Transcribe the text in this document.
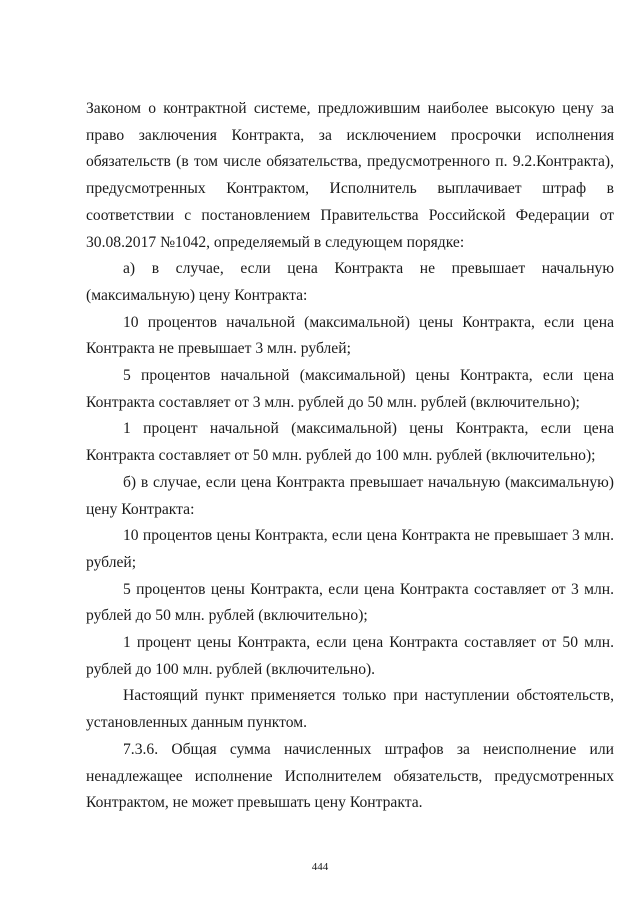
Законом о контрактной системе, предложившим наиболее высокую цену за право заключения Контракта, за исключением просрочки исполнения обязательств (в том числе обязательства, предусмотренного п. 9.2.Контракта), предусмотренных Контрактом, Исполнитель выплачивает штраф в соответствии с постановлением Правительства Российской Федерации от 30.08.2017 №1042, определяемый в следующем порядке:

а) в случае, если цена Контракта не превышает начальную (максимальную) цену Контракта:

10 процентов начальной (максимальной) цены Контракта, если цена Контракта не превышает 3 млн. рублей;

5 процентов начальной (максимальной) цены Контракта, если цена Контракта составляет от 3 млн. рублей до 50 млн. рублей (включительно);

1 процент начальной (максимальной) цены Контракта, если цена Контракта составляет от 50 млн. рублей до 100 млн. рублей (включительно);

б) в случае, если цена Контракта превышает начальную (максимальную) цену Контракта:

10 процентов цены Контракта, если цена Контракта не превышает 3 млн. рублей;

5 процентов цены Контракта, если цена Контракта составляет от 3 млн. рублей до 50 млн. рублей (включительно);

1 процент цены Контракта, если цена Контракта составляет от 50 млн. рублей до 100 млн. рублей (включительно).

Настоящий пункт применяется только при наступлении обстоятельств, установленных данным пунктом.

7.3.6. Общая сумма начисленных штрафов за неисполнение или ненадлежащее исполнение Исполнителем обязательств, предусмотренных Контрактом, не может превышать цену Контракта.

444
